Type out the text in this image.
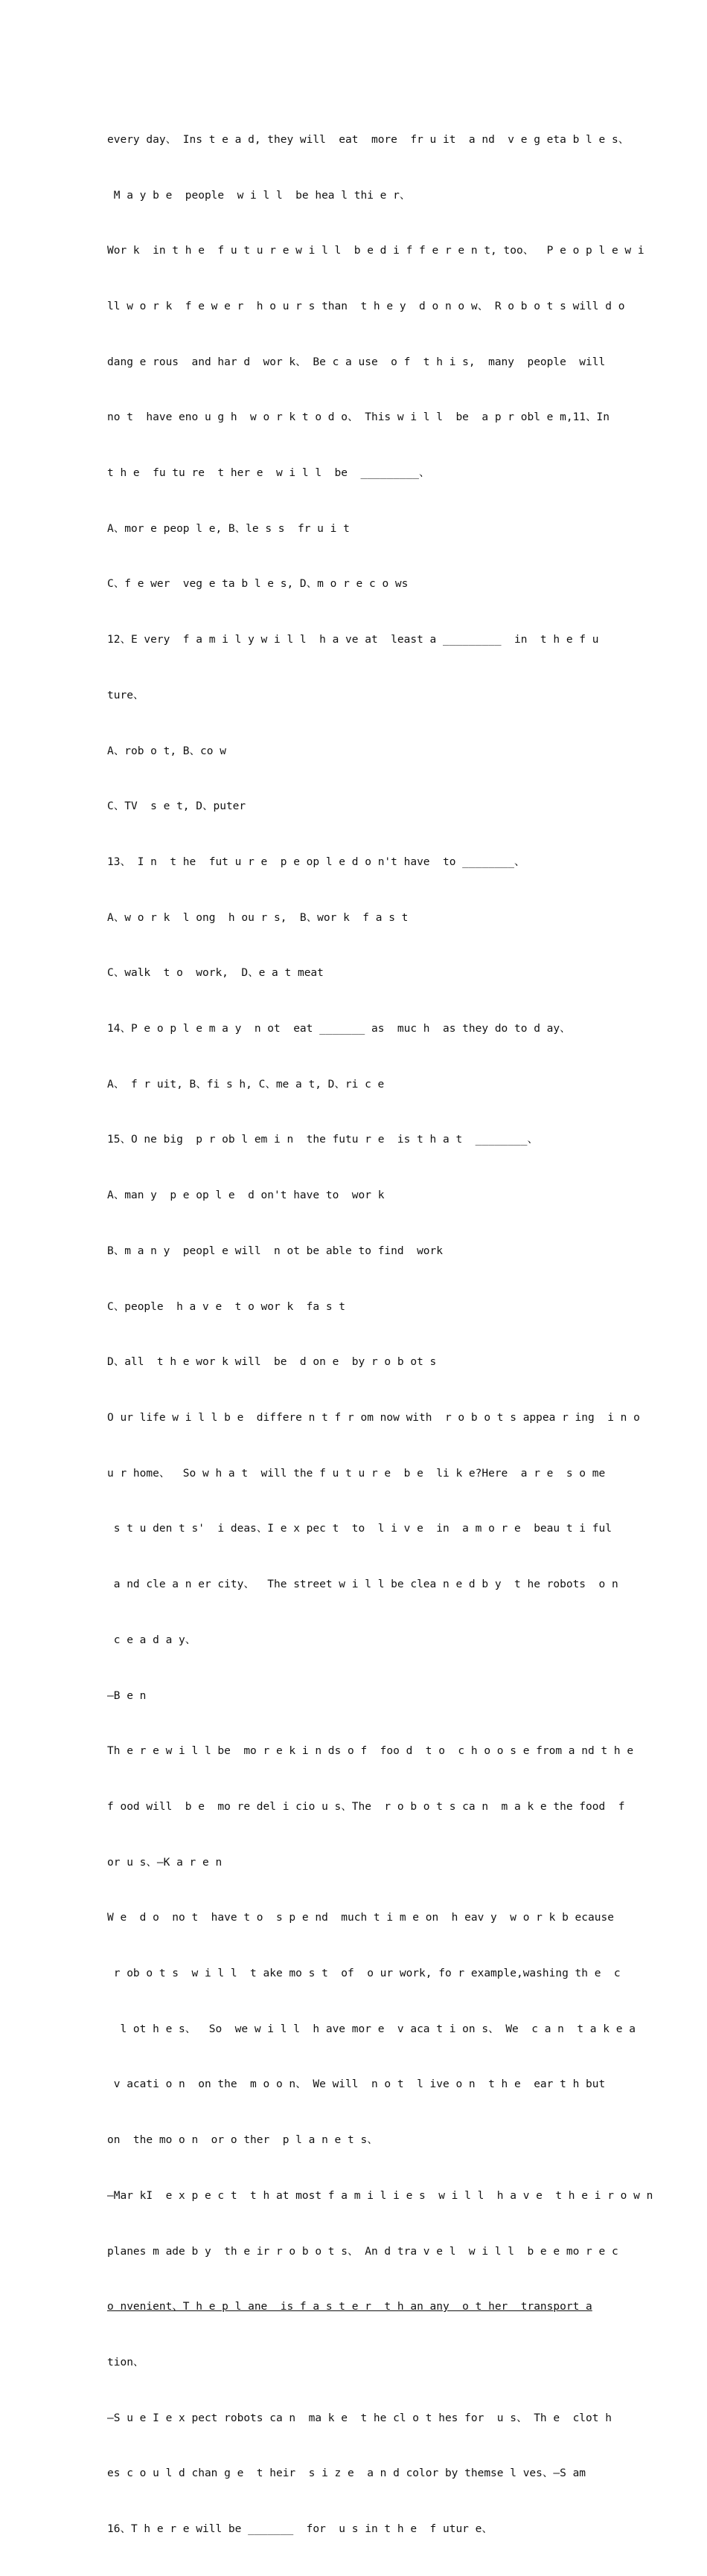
every day、 Ins t e a d, they will  eat  more  fr u it  a nd  v e g eta b l e s、

M a y b e  people  w i l l  be hea l thi e r、

Wor k  in t h e  f u t u r e w i l l  b e d i f f e r e n t, too、  P e o p l e w i

ll w o r k  f e w e r  h o u r s than  t h e y  d o n o w、 R o b o t s will d o

dang e rous  and har d  wor k、 Be c a use  o f  t h i s,  many  people  will

no t  have eno u g h  w o r k t o d o、 This w i l l  be  a p r obl e m,11、In

t h e  fu tu re  t her e  w i l l  be  _________、

A、mor e peop l e, B、le s s  fr u i t

C、f e wer  veg e ta b l e s, D、m o r e c o ws

12、E very  f a m i l y w i l l  h a ve at  least a _________  in  t h e f u

ture、

A、rob o t, B、co w

C、TV  s e t, D、puter

13、 I n  t he  fut u r e  p e op l e d o n't have  to ________、

A、w o r k  l ong  h ou r s,  B、wor k  f a s t

C、walk  t o  work,  D、e a t meat

14、P e o p l e m a y  n ot  eat _______ as  muc h  as they do to d ay、

A、 f r uit, B、fi s h, C、me a t, D、ri c e

15、O ne big  p r ob l em i n  the futu r e  is t h a t  ________、

A、man y  p e op l e  d on't have to  wor k

B、m a n y  peopl e will  n ot be able to find  work

C、people  h a v e  t o wor k  fa s t

D、all  t h e wor k will  be  d on e  by r o b ot s

O ur life w i l l b e  differe n t f r om now with  r o b o t s appea r ing  i n o

u r home、  So w h a t  will the f u t u r e  b e  li k e?Here  a r e  s o me

s t u den t s'  i deas、I e x pec t  to  l i v e  in  a m o r e  beau t i ful

a nd cle a n er city、  The street w i l l be clea n e d b y  t he robots  o n

c e a d a y、

—B e n

Th e r e w i l l be  mo r e k i n ds o f  foo d  t o  c h o o s e from a nd t h e

f ood will  b e  mo re del i cio u s、The  r o b o t s ca n  m a k e the food  f

or u s、—K a r e n

W e  d o  no t  have t o  s p e nd  much t i m e on  h eav y  w o r k b ecause

r ob o t s  w i l l  t ake mo s t  of  o ur work, fo r example,washing th e  c

l ot h e s、  So  we w i l l  h ave mor e  v aca t i on s、 We  c a n  t a k e a

v acati o n  on the  m o o n、 We will  n o t  l ive o n  t h e  ear t h but

on  the mo o n  or o ther  p l a n e t s、

—Mar kI  e x p e c t  t h at most f a m i l i e s  w i l l  h a v e  t h e i r o w n

planes m ade b y  th e ir r o b o t s、 An d tra v e l  w i l l  b e e mo r e c

o nvenient、T h e p l ane  is f a s t e r  t h an any  o t her  transport a

tion、

—S u e I e x pect robots ca n  ma k e  t he cl o t hes for  u s、 Th e  clot h

es c o u l d chan g e  t heir  s i z e  a n d color by themse l ves、—S am

16、T h e r e will be _______  for  u s in t h e  f utur e、
